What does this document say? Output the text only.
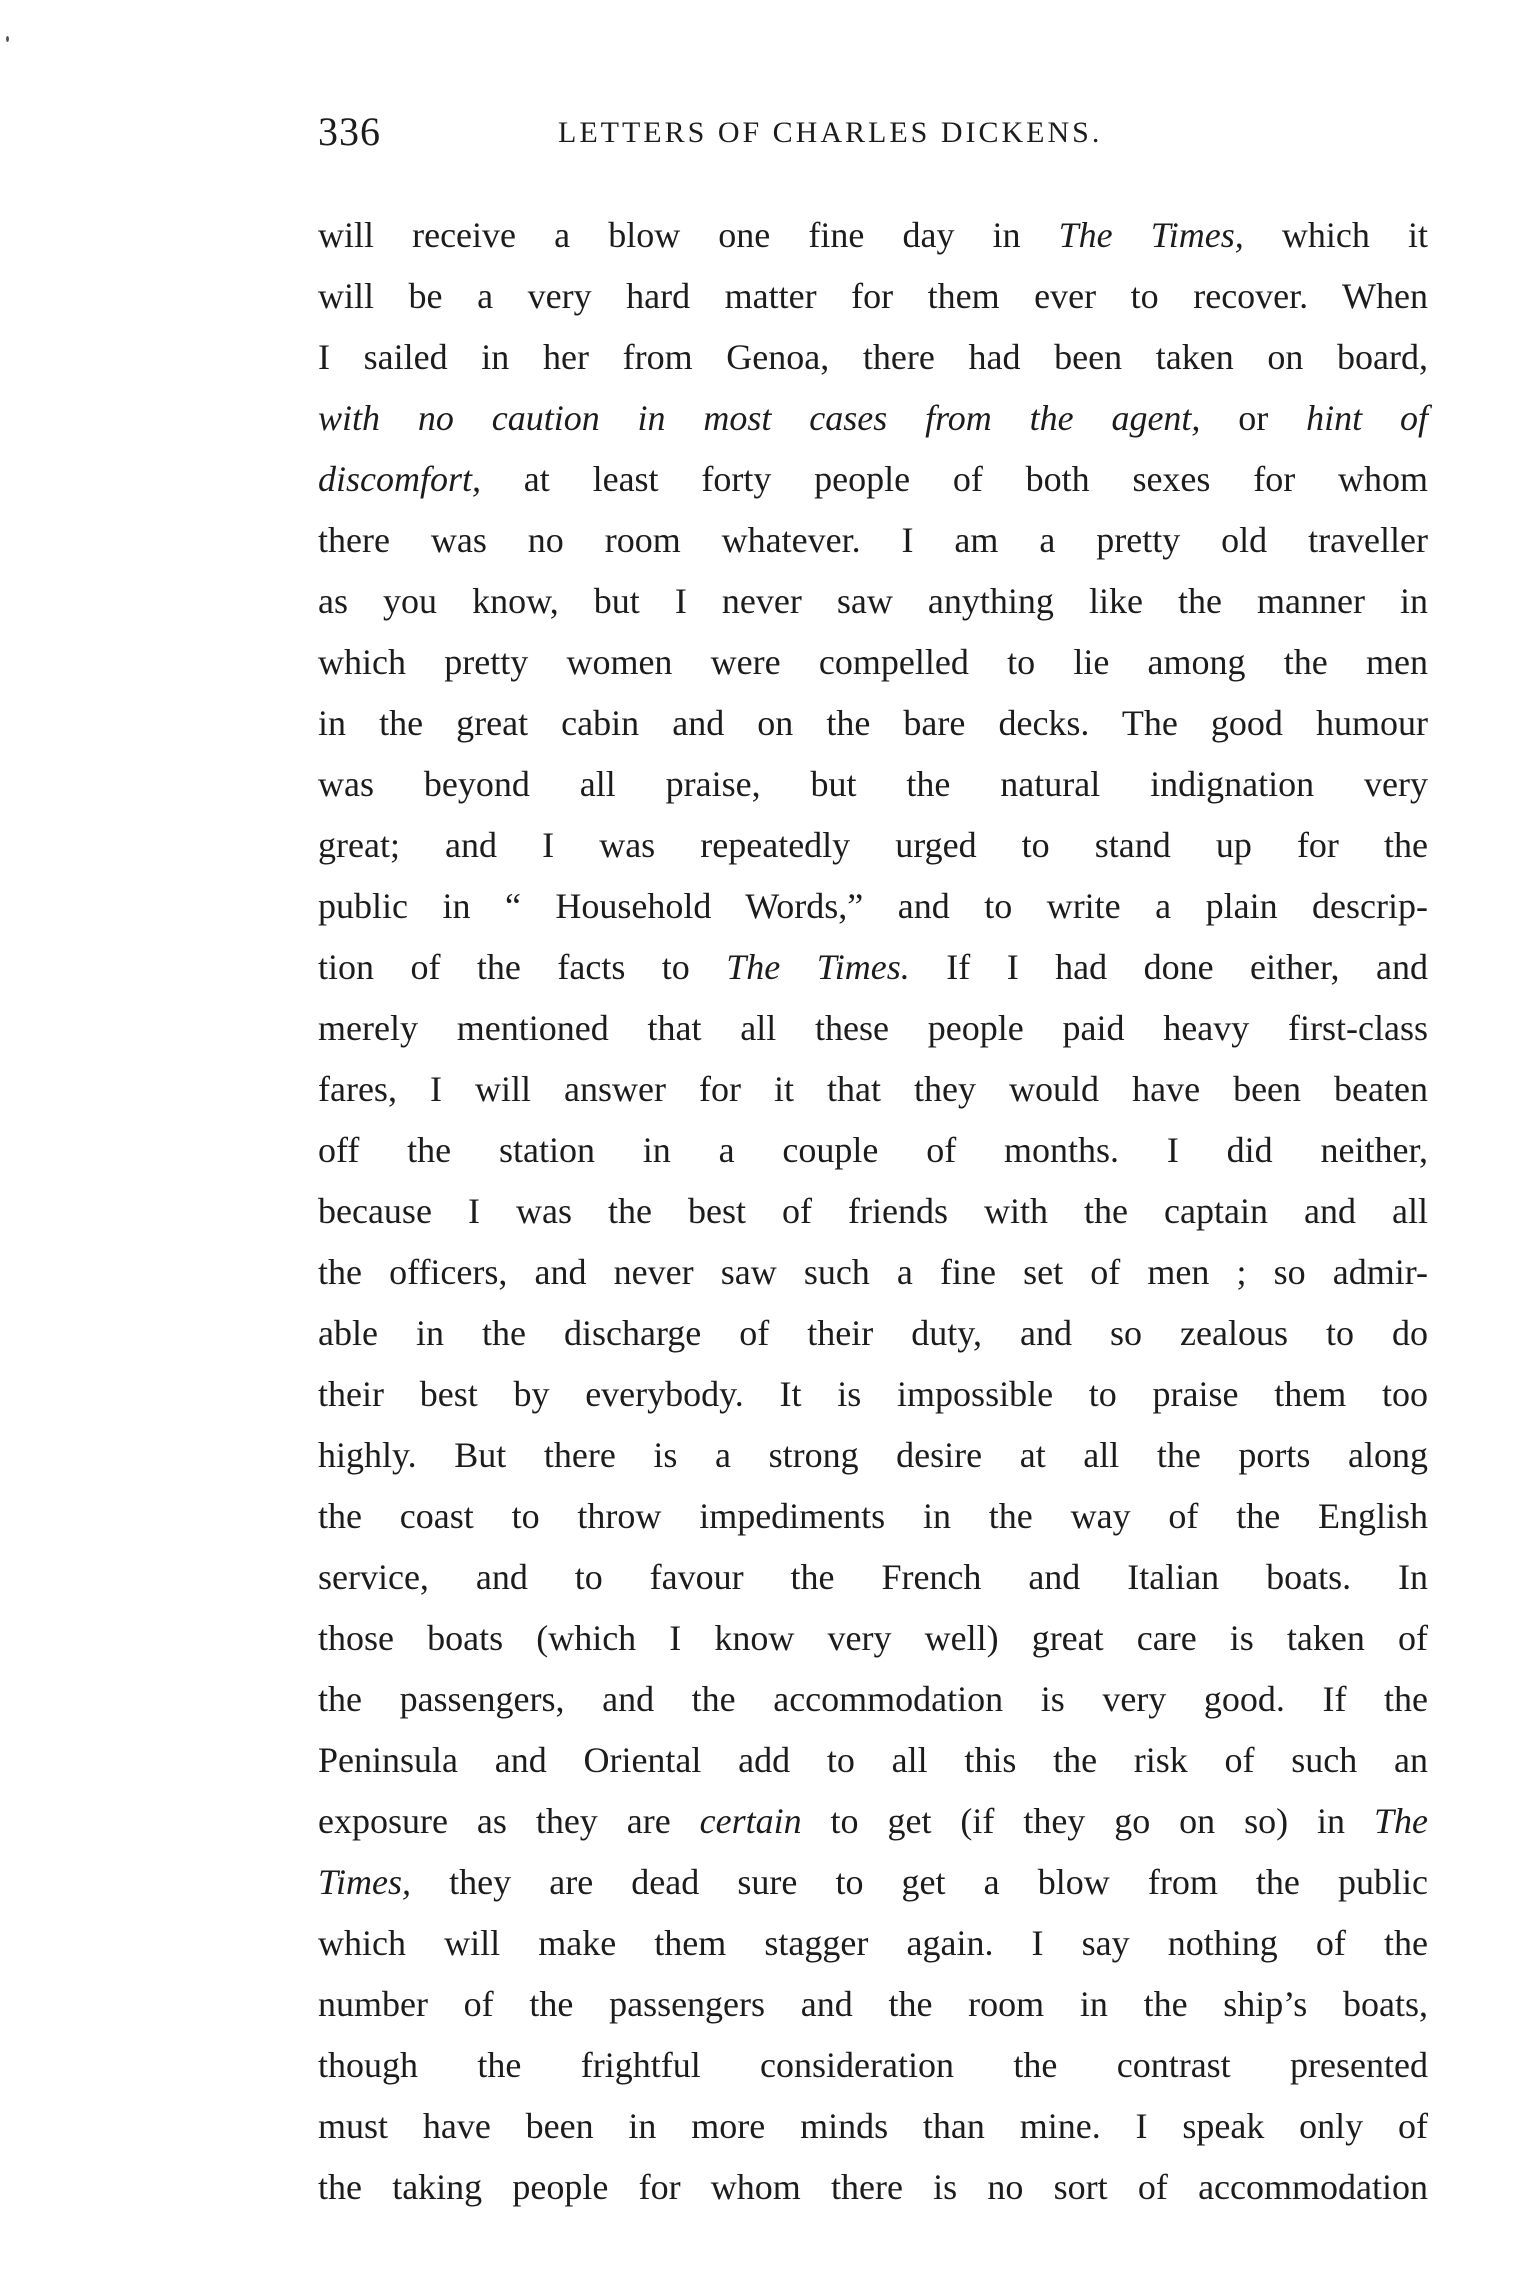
336	LETTERS OF CHARLES DICKENS.
will receive a blow one fine day in The Times, which it
will be a very hard matter for them ever to recover. When
I sailed in her from Genoa, there had been taken on board,
with no caution in most cases from the agent, or hint of
discomfort, at least forty people of both sexes for whom
there was no room whatever. I am a pretty old traveller
as you know, but I never saw anything like the manner in
which pretty women were compelled to lie among the men
in the great cabin and on the bare decks. The good humour
was beyond all praise, but the natural indignation very
great; and I was repeatedly urged to stand up for the
public in “ Household Words,” and to write a plain descrip-
tion of the facts to The Times. If I had done either, and
merely mentioned that all these people paid heavy first-class
fares, I will answer for it that they would have been beaten
off the station in a couple of months. I did neither,
because I was the best of friends with the captain and all
the officers, and never saw such a fine set of men ; so admir-
able in the discharge of their duty, and so zealous to do
their best by everybody. It is impossible to praise them too
highly. But there is a strong desire at all the ports along
the coast to throw impediments in the way of the English
service, and to favour the French and Italian boats. In
those boats (which I know very well) great care is taken of
the passengers, and the accommodation is very good. If the
Peninsula and Oriental add to all this the risk of such an
exposure as they are certain to get (if they go on so) in The
Times, they are dead sure to get a blow from the public
which will make them stagger again. I say nothing of the
number of the passengers and the room in the ship’s boats,
though the frightful consideration the contrast presented
must have been in more minds than mine. I speak only of
the taking people for whom there is no sort of accommodation
